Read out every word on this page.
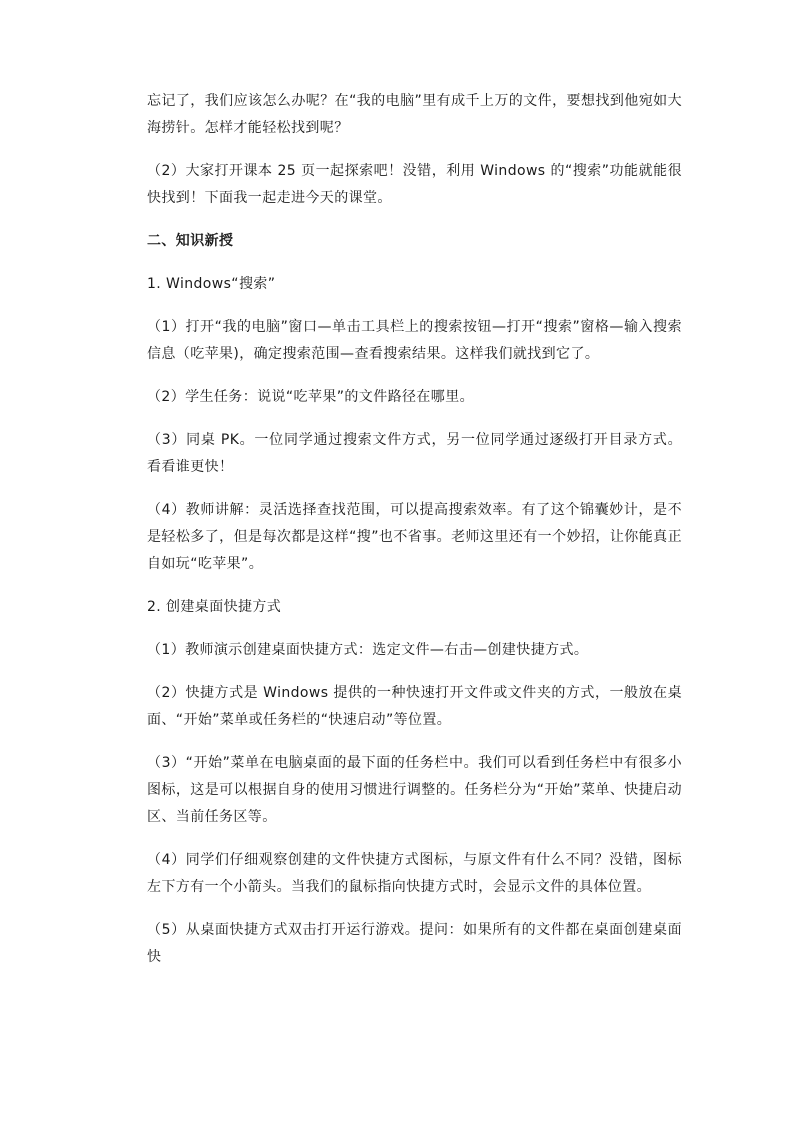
忘记了，我们应该怎么办呢？在“我的电脑”里有成千上万的文件，要想找到他宛如大海捞针。怎样才能轻松找到呢？

（2）大家打开课本 25 页一起探索吧！没错，利用 Windows 的“搜索”功能就能很快找到！下面我一起走进今天的课堂。

二、知识新授

1. Windows“搜索”

（1）打开“我的电脑”窗口—单击工具栏上的搜索按钮—打开“搜索”窗格—输入搜索信息（吃苹果)，确定搜索范围—查看搜索结果。这样我们就找到它了。

（2）学生任务：说说“吃苹果”的文件路径在哪里。

（3）同桌 PK。一位同学通过搜索文件方式，另一位同学通过逐级打开目录方式。看看谁更快！

（4）教师讲解：灵活选择查找范围，可以提高搜索效率。有了这个锦囊妙计，是不是轻松多了，但是每次都是这样“搜”也不省事。老师这里还有一个妙招，让你能真正自如玩“吃苹果”。

2. 创建桌面快捷方式

（1）教师演示创建桌面快捷方式：选定文件—右击—创建快捷方式。

（2）快捷方式是 Windows 提供的一种快速打开文件或文件夹的方式，一般放在桌面、“开始”菜单或任务栏的“快速启动”等位置。

（3）“开始”菜单在电脑桌面的最下面的任务栏中。我们可以看到任务栏中有很多小图标，这是可以根据自身的使用习惯进行调整的。任务栏分为“开始”菜单、快捷启动区、当前任务区等。

（4）同学们仔细观察创建的文件快捷方式图标，与原文件有什么不同？没错，图标左下方有一个小箭头。当我们的鼠标指向快捷方式时，会显示文件的具体位置。

（5）从桌面快捷方式双击打开运行游戏。提问：如果所有的文件都在桌面创建桌面快
